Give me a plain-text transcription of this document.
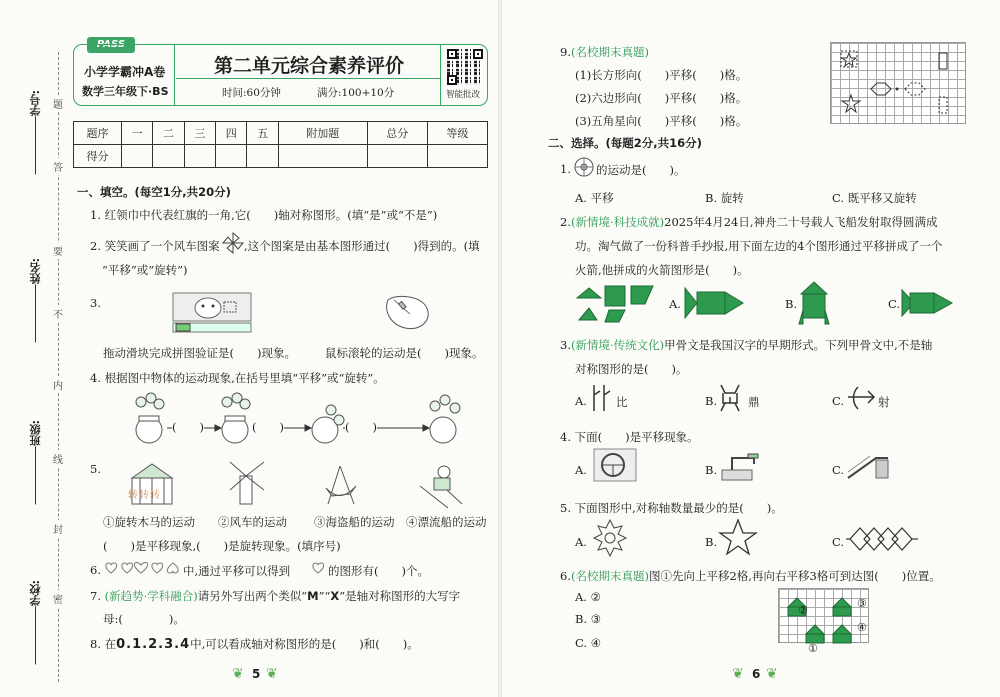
题
答
要
不
内
线
封
密
学号:
姓名:
班级:
学校:
PASS
小学学霸冲A卷
数学三年级下·BS
第二单元综合素养评价
时间:60分钟	满分:100+10分	智能批改
题序	一	二	三	四	五	附加题	总分	等级
得分								
一、填空。(每空1分,共20分)
1. 红领巾中代表红旗的一角,它(　　)轴对称图形。(填“是”或“不是”)
2. 笑笑画了一个风车图案 ,这个图案是由基本图形通过(　　)得到的。(填
“平移”或“旋转”)
3.
拖动滑块完成拼图验证是(　　)现象。	鼠标滚轮的运动是(　　)现象。
4. 根据图中物体的运动现象,在括号里填“平移”或“旋转”。
(　　)	(　　)	(　　)
5.
转转转
①旋转木马的运动 ②风车的运动 ③海盗船的运动 ④漂流船的运动
(　　)是平移现象,(　　)是旋转现象。(填序号)
6.	中,通过平移可以得到	的图形有(　　)个。
7. (新趋势·学科融合)请另外写出两个类似“M”“X”是轴对称图形的大写字
母:(　　　　)。
8. 在0.1.2.3.4中,可以看成轴对称图形的是(　　)和(　　)。
❦ 5 ❦
9.(名校期末真题)
(1)长方形向(　　)平移(　　)格。
(2)六边形向(　　)平移(　　)格。
(3)五角星向(　　)平移(　　)格。
二、选择。(每题2分,共16分)
1. 的运动是(　　)。
A. 平移	B. 旋转	C. 既平移又旋转
2.(新情境·科技成就)2025年4月24日,神舟二十号载人飞船发射取得圆满成
功。淘气做了一份科普手抄报,用下面左边的4个图形通过平移拼成了一个
火箭,他拼成的火箭图形是(　　)。
A.	B.	C.
3.(新情境·传统文化)甲骨文是我国汉字的早期形式。下列甲骨文中,不是轴
对称图形的是(　　)。
A.	比	B.	鼎	C.	射
4. 下面(　　)是平移现象。
A.	B.	C.
5. 下面图形中,对称轴数量最少的是(　　)。
A.	B.	C.
6.(名校期末真题)图①先向上平移2格,再向右平移3格可到达图(　　)位置。
A. ②
B. ③
C. ④	①
②
③
④
❦ 6 ❦
